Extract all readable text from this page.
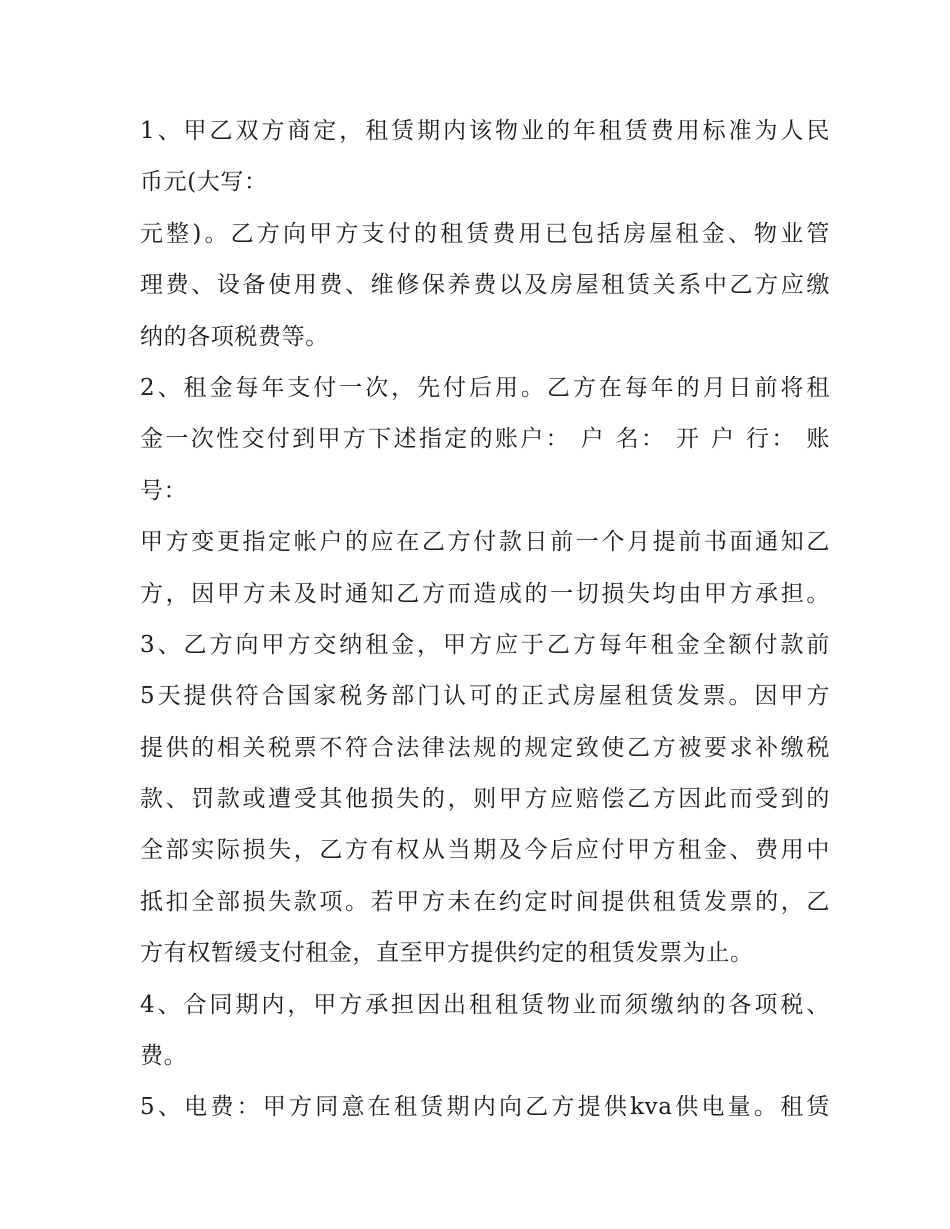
1、甲乙双方商定，租赁期内该物业的年租赁费用标准为人民
币元(大写：
元整)。乙方向甲方支付的租赁费用已包括房屋租金、物业管
理费、设备使用费、维修保养费以及房屋租赁关系中乙方应缴
纳的各项税费等。
2、租金每年支付一次，先付后用。乙方在每年的月日前将租
金一次性交付到甲方下述指定的账户： 户 名： 开 户 行： 账
号：
甲方变更指定帐户的应在乙方付款日前一个月提前书面通知乙
方，因甲方未及时通知乙方而造成的一切损失均由甲方承担。
3、乙方向甲方交纳租金，甲方应于乙方每年租金全额付款前
5天提供符合国家税务部门认可的正式房屋租赁发票。因甲方
提供的相关税票不符合法律法规的规定致使乙方被要求补缴税
款、罚款或遭受其他损失的，则甲方应赔偿乙方因此而受到的
全部实际损失，乙方有权从当期及今后应付甲方租金、费用中
抵扣全部损失款项。若甲方未在约定时间提供租赁发票的，乙
方有权暂缓支付租金，直至甲方提供约定的租赁发票为止。
4、合同期内，甲方承担因出租租赁物业而须缴纳的各项税、
费。
5、电费：甲方同意在租赁期内向乙方提供kva供电量。租赁
